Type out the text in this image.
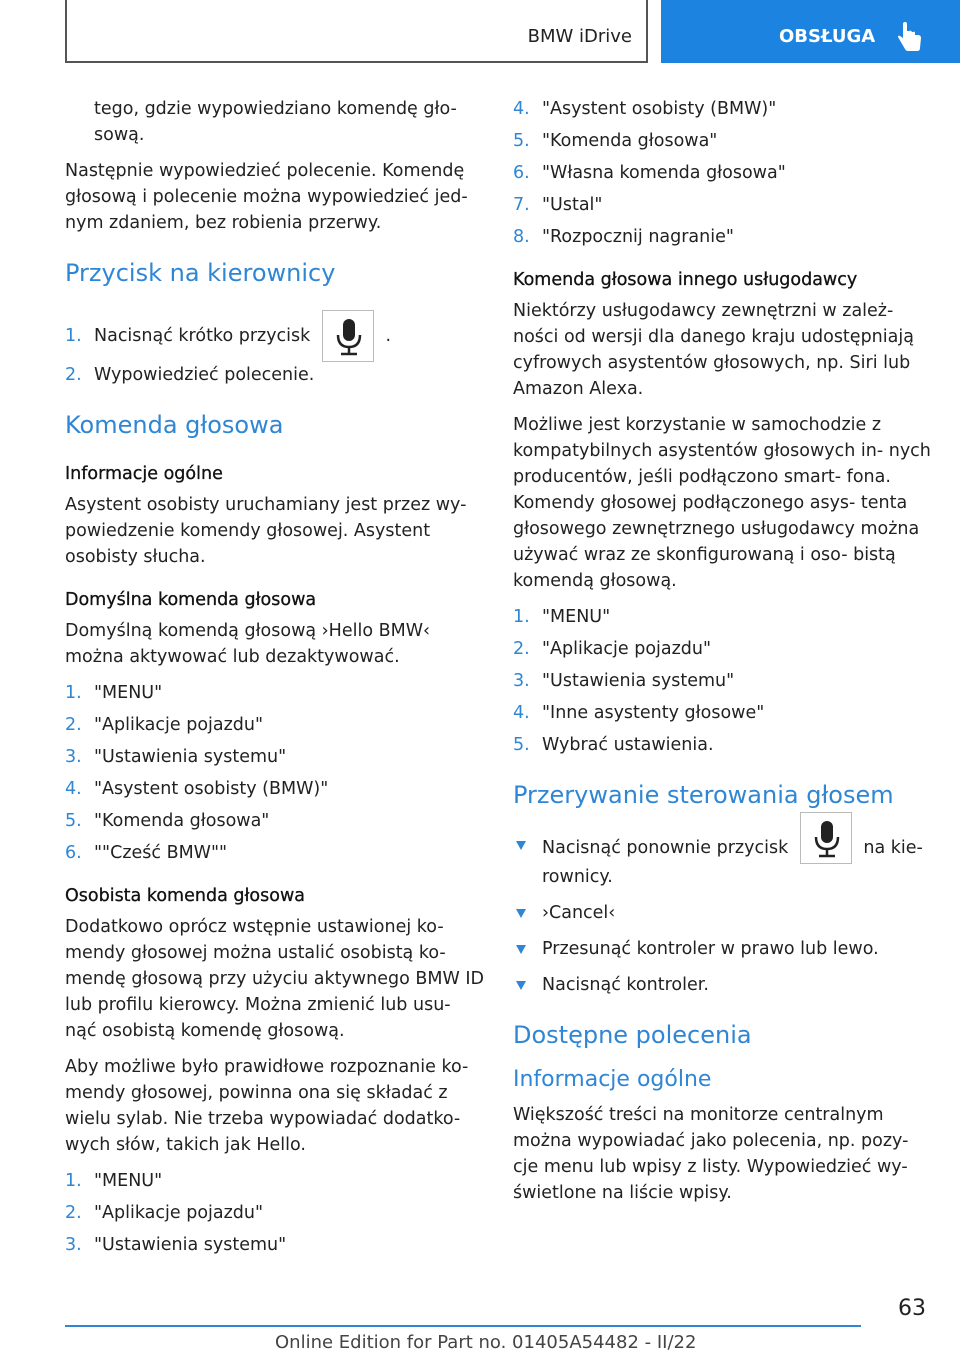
BMW iDrive	OBSŁUGA

tego, gdzie wypowiedziano komendę gło- sową.

Następnie wypowiedzieć polecenie. Komendę głosową i polecenie można wypowiedzieć jed- nym zdaniem, bez robienia przerwy.

Przycisk na kierownicy
1. Nacisnąć krótko przycisk	.
2. Wypowiedzieć polecenie.
Komenda głosowa
Informacje ogólne

Asystent osobisty uruchamiany jest przez wy- powiedzenie komendy głosowej. Asystent osobisty słucha.

Domyślna komenda głosowa

Domyślną komendą głosową ›Hello BMW‹ można aktywować lub dezaktywować.

1. "MENU"
2. "Aplikacje pojazdu"
3. "Ustawienia systemu"
4. "Asystent osobisty (BMW)"
5. "Komenda głosowa"
6. ""Cześć BMW""
Osobista komenda głosowa

Dodatkowo oprócz wstępnie ustawionej ko- mendy głosowej można ustalić osobistą ko- mendę głosową przy użyciu aktywnego BMW ID lub profilu kierowcy. Można zmienić lub usu- nąć osobistą komendę głosową.

Aby możliwe było prawidłowe rozpoznanie ko- mendy głosowej, powinna ona się składać z wielu sylab. Nie trzeba wypowiadać dodatko- wych słów, takich jak Hello.

1. "MENU"
2. "Aplikacje pojazdu"
3. "Ustawienia systemu"
4. "Asystent osobisty (BMW)"
5. "Komenda głosowa"
6. "Własna komenda głosowa"
7. "Ustal"
8. "Rozpocznij nagranie"
Komenda głosowa innego usługodawcy

Niektórzy usługodawcy zewnętrzni w zależ- ności od wersji dla danego kraju udostępniają cyfrowych asystentów głosowych, np. Siri lub Amazon Alexa.

Możliwe jest korzystanie w samochodzie z kompatybilnych asystentów głosowych in- nych producentów, jeśli podłączono smart- fona. Komendy głosowej podłączonego asys- tenta głosowego zewnętrznego usługodawcy można używać wraz ze skonfigurowaną i oso- bistą komendą głosową.

1. "MENU"
2. "Aplikacje pojazdu"
3. "Ustawienia systemu"
4. "Inne asystenty głosowe"
5. Wybrać ustawienia.
Przerywanie sterowania głosem
Nacisnąć ponownie przycisk	na kie- rownicy.
›Cancel‹
Przesunąć kontroler w prawo lub lewo.
Nacisnąć kontroler.
Dostępne polecenia
Informacje ogólne

Większość treści na monitorze centralnym można wypowiadać jako polecenia, np. pozy- cje menu lub wpisy z listy. Wypowiedzieć wy- świetlone na liście wpisy.

63
Online Edition for Part no. 01405A54482 - II/22
